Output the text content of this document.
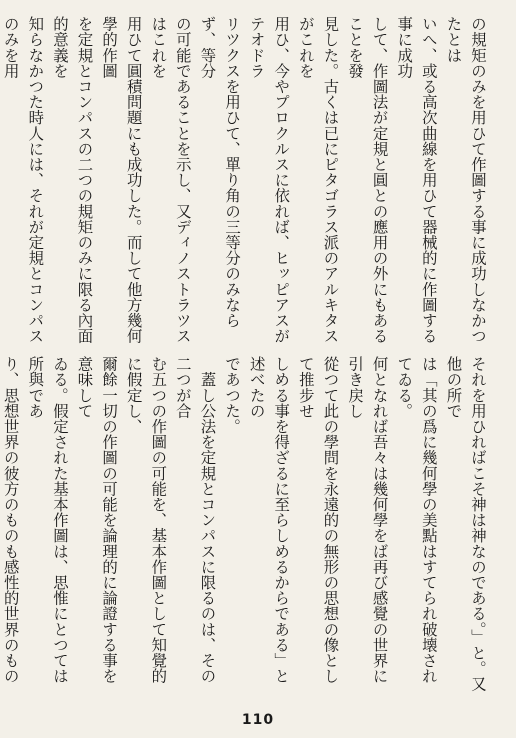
の規矩のみを用ひて作圖する事に成功しなかつたとは
いへ、或る高次曲線を用ひて器械的に作圖する事に成功
して、作圖法が定規と圓との應用の外にもあることを發
見した。古くは已にピタゴラス派のアルキタスがこれを
用ひ、今やプロクルスに依れば、ヒッピアスがテオドラ
リツクスを用ひて、單り角の三等分のみならず、等分
の可能であることを示し、又ディノストラツスはこれを
用ひて圓積問題にも成功した。而して他方幾何學的作圖
を定規とコンパスの二つの規矩のみに限る內面的意義を
知らなかつた時人には、それが定規とコンパスのみを用
それを用ひればこそ神は神なのである。」と。又他の所で
は「其の爲に幾何學の美點はすてられ破壊されてゐる。
何となれば吾々は幾何學をば再び感覺の世界に引き戻し
從つて此の學問を永遠的の無形の思想の像として推步せ
しめる事を得ざるに至らしめるからである」と述べたの
であつた。
　蓋し公法を定規とコンパスに限るのは、その二つが合
む五つの作圖の可能を、基本作圖として知覺的に假定し、
爾餘一切の作圖の可能を論理的に論證する事を意味して
ゐる。假定された基本作圖は、思惟にとつては所與であ
り、思想世界の彼方のものも感性的世界のもの
110
